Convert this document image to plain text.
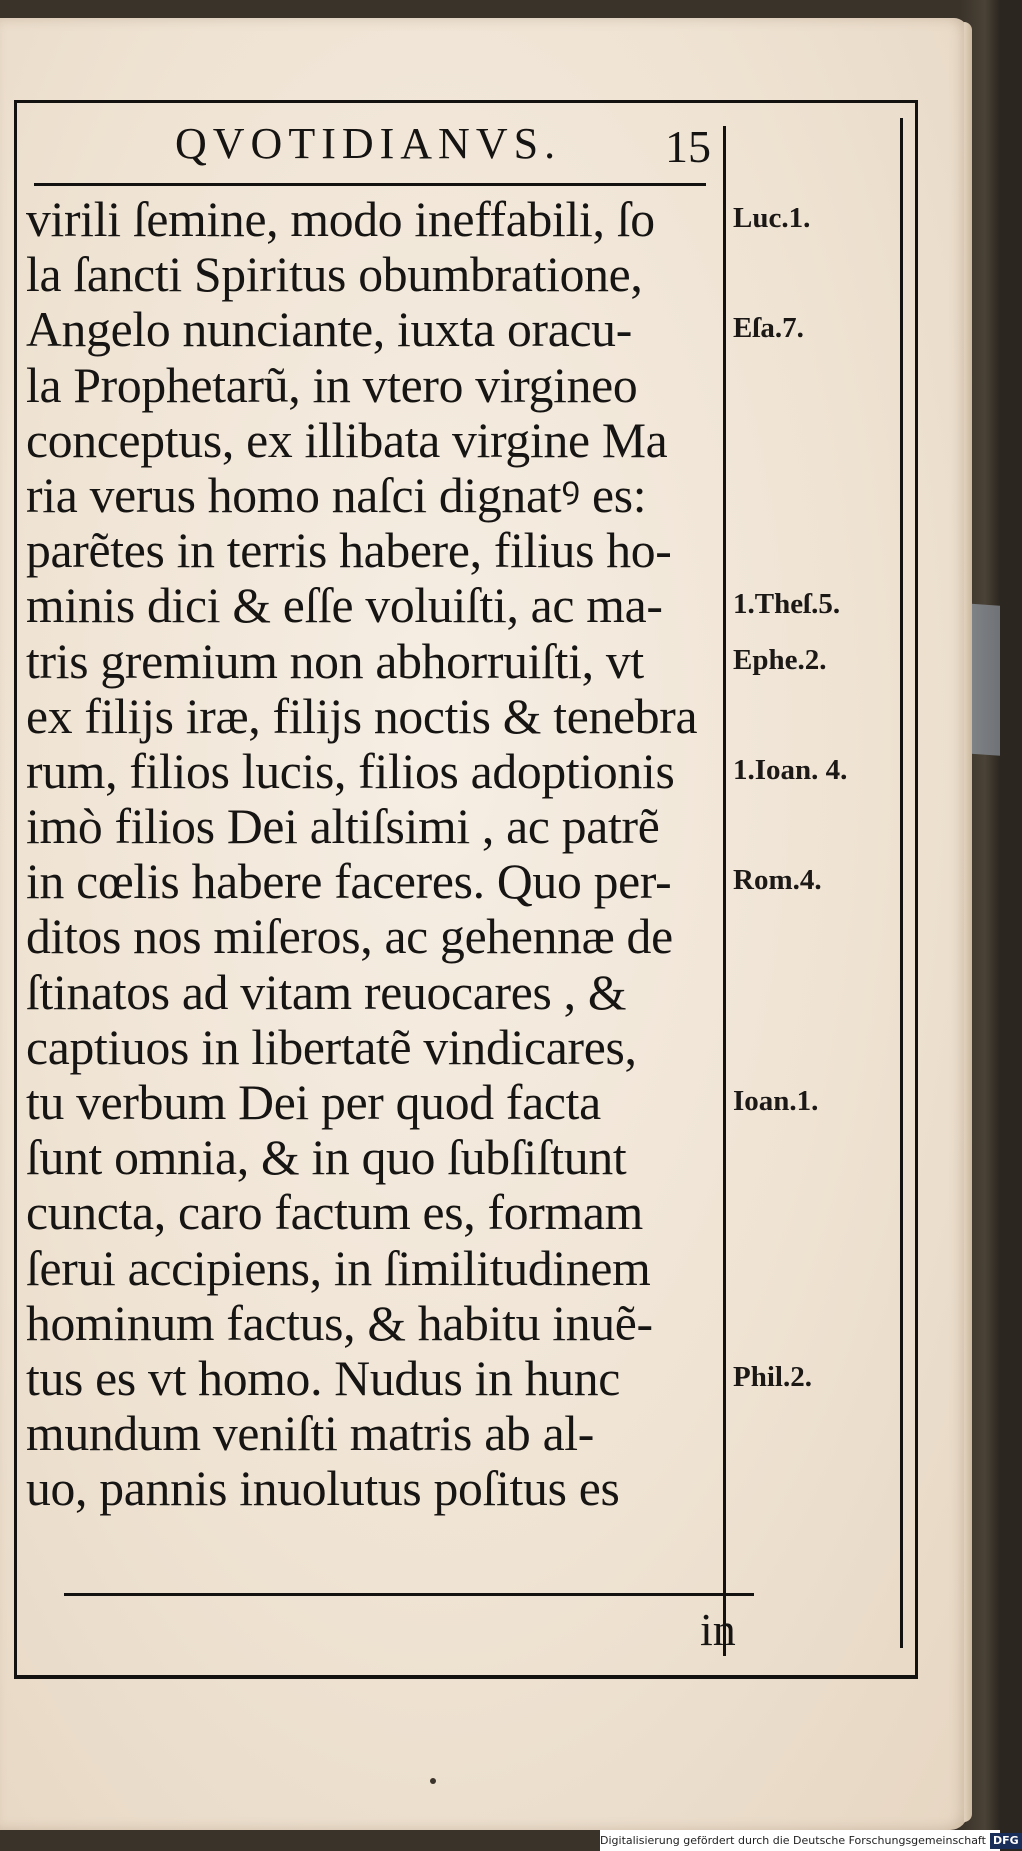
QVOTIDIANVS.	15
virili ſemine, modo ineffabili, ſo
la ſancti Spiritus obumbratione,
Angelo nunciante, iuxta oracu-
la Prophetarũ, in vtero virgineo
conceptus, ex illibata virgine Ma
ria verus homo naſci dignatꝰ es:
parẽtes in terris habere, filius ho-
minis dici & eſſe voluiſti, ac ma-
tris gremium non abhorruiſti, vt
ex filijs iræ, filijs noctis & tenebra
rum, filios lucis, filios adoptionis
imò filios Dei altiſsimi , ac patrẽ
in cœlis habere faceres. Quo per-
ditos nos miſeros, ac gehennæ de
ſtinatos ad vitam reuocares , &
captiuos in libertatẽ vindicares,
tu verbum Dei per quod facta
ſunt omnia, & in quo ſubſiſtunt
cuncta, caro factum es, formam
ſerui accipiens, in ſimilitudinem
hominum factus, & habitu inuẽ-
tus es vt homo. Nudus in hunc
mundum veniſti matris ab al-
uo, pannis inuolutus poſitus es
Luc.1.
Eſa.7.
1.Theſ.5.
Ephe.2.
1.Ioan. 4.
Rom.4.
Ioan.1.
Phil.2.
in
Digitalisierung gefördert durch die Deutsche Forschungsgemeinschaft DFG
